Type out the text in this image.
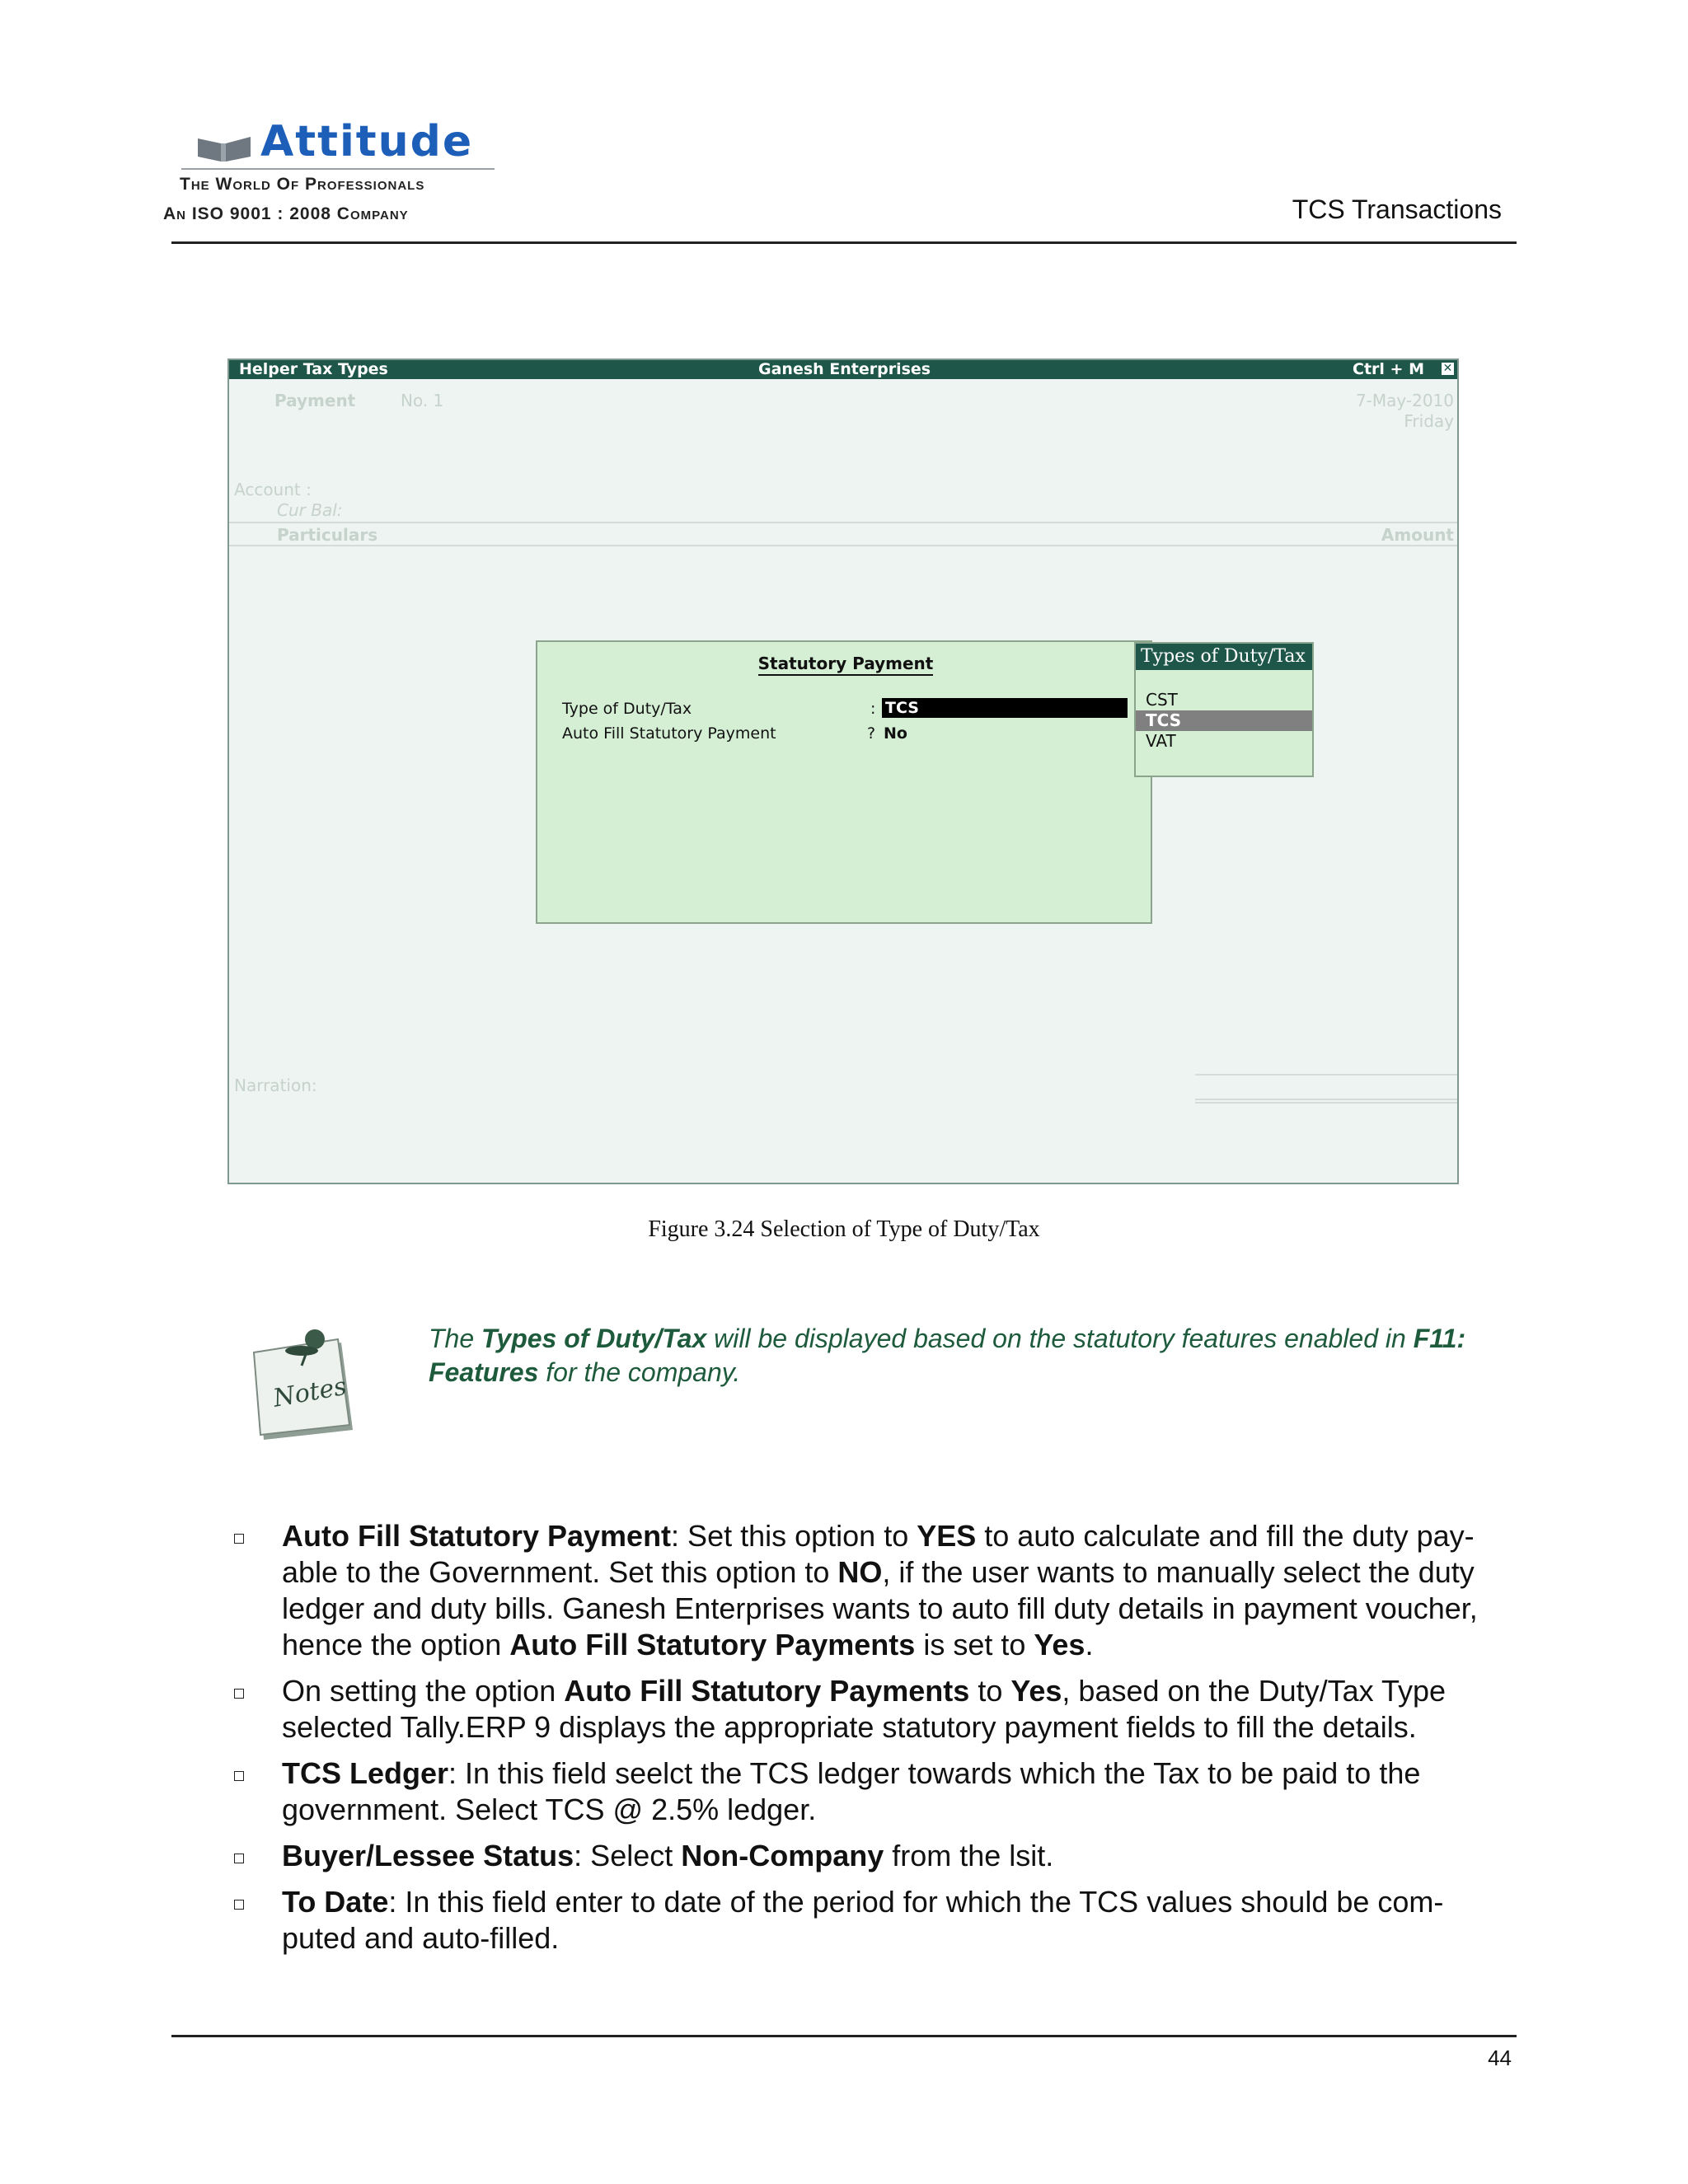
Attitude
The World Of Professionals
An ISO 9001 : 2008 Company	TCS Transactions
Helper Tax Types	Ganesh Enterprises	Ctrl + M ✕
Payment	No. 1	7-May-2010
Friday
Account :
Cur Bal:
Particulars	Amount
Narration:
Statutory Payment
Type of Duty/Tax	: TCS
Auto Fill Statutory Payment	? No
Types of Duty/Tax
CST
TCS
VAT
Figure 3.24 Selection of Type of Duty/Tax
Notes
The Types of Duty/Tax will be displayed based on the statutory features enabled in F11: Features for the company.
Auto Fill Statutory Payment: Set this option to YES to auto calculate and fill the duty pay-able to the Government. Set this option to NO, if the user wants to manually select the duty ledger and duty bills. Ganesh Enterprises wants to auto fill duty details in payment voucher, hence the option Auto Fill Statutory Payments is set to Yes.
On setting the option Auto Fill Statutory Payments to Yes, based on the Duty/Tax Type selected Tally.ERP 9 displays the appropriate statutory payment fields to fill the details.
TCS Ledger: In this field seelct the TCS ledger towards which the Tax to be paid to the government. Select TCS @ 2.5% ledger.
Buyer/Lessee Status: Select Non-Company from the lsit.
To Date: In this field enter to date of the period for which the TCS values should be com-puted and auto-filled.
44
